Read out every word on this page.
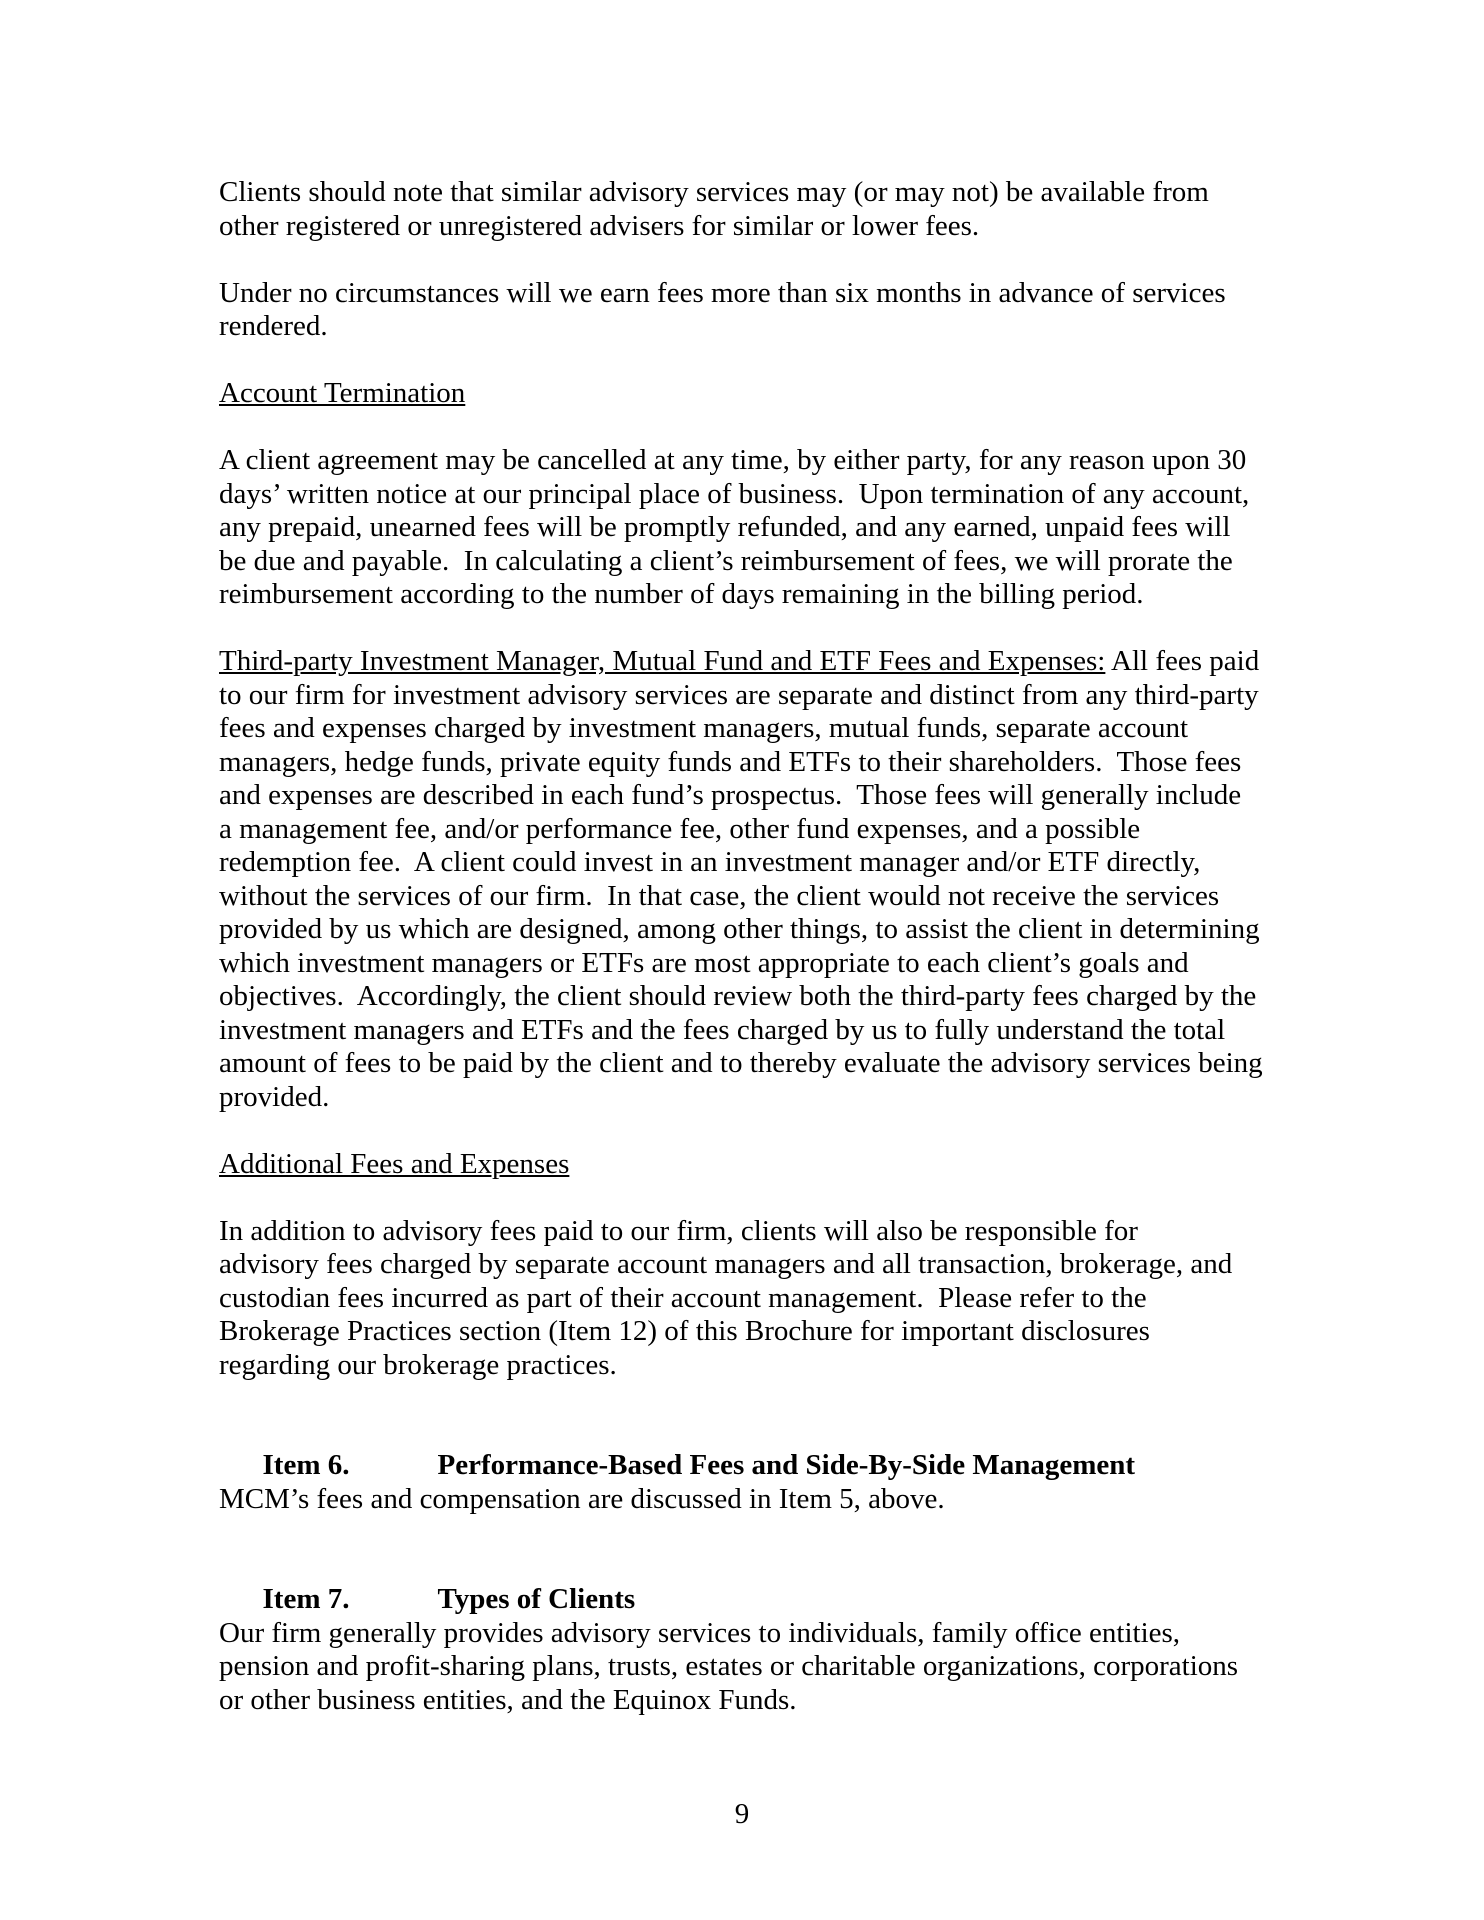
Clients should note that similar advisory services may (or may not) be available from
other registered or unregistered advisers for similar or lower fees.
Under no circumstances will we earn fees more than six months in advance of services
rendered.
Account Termination
A client agreement may be cancelled at any time, by either party, for any reason upon 30
days’ written notice at our principal place of business.  Upon termination of any account,
any prepaid, unearned fees will be promptly refunded, and any earned, unpaid fees will
be due and payable.  In calculating a client’s reimbursement of fees, we will prorate the
reimbursement according to the number of days remaining in the billing period.
Third-party Investment Manager, Mutual Fund and ETF Fees and Expenses: All fees paid
to our firm for investment advisory services are separate and distinct from any third-party
fees and expenses charged by investment managers, mutual funds, separate account
managers, hedge funds, private equity funds and ETFs to their shareholders.  Those fees
and expenses are described in each fund’s prospectus.  Those fees will generally include
a management fee, and/or performance fee, other fund expenses, and a possible
redemption fee.  A client could invest in an investment manager and/or ETF directly,
without the services of our firm.  In that case, the client would not receive the services
provided by us which are designed, among other things, to assist the client in determining
which investment managers or ETFs are most appropriate to each client’s goals and
objectives.  Accordingly, the client should review both the third-party fees charged by the
investment managers and ETFs and the fees charged by us to fully understand the total
amount of fees to be paid by the client and to thereby evaluate the advisory services being
provided.
Additional Fees and Expenses
In addition to advisory fees paid to our firm, clients will also be responsible for
advisory fees charged by separate account managers and all transaction, brokerage, and
custodian fees incurred as part of their account management.  Please refer to the
Brokerage Practices section (Item 12) of this Brochure for important disclosures
regarding our brokerage practices.

Item 6.	Performance-Based Fees and Side-By-Side Management

MCM’s fees and compensation are discussed in Item 5, above.

Item 7.	Types of Clients

Our firm generally provides advisory services to individuals, family office entities,
pension and profit-sharing plans, trusts, estates or charitable organizations, corporations
or other business entities, and the Equinox Funds.
9
